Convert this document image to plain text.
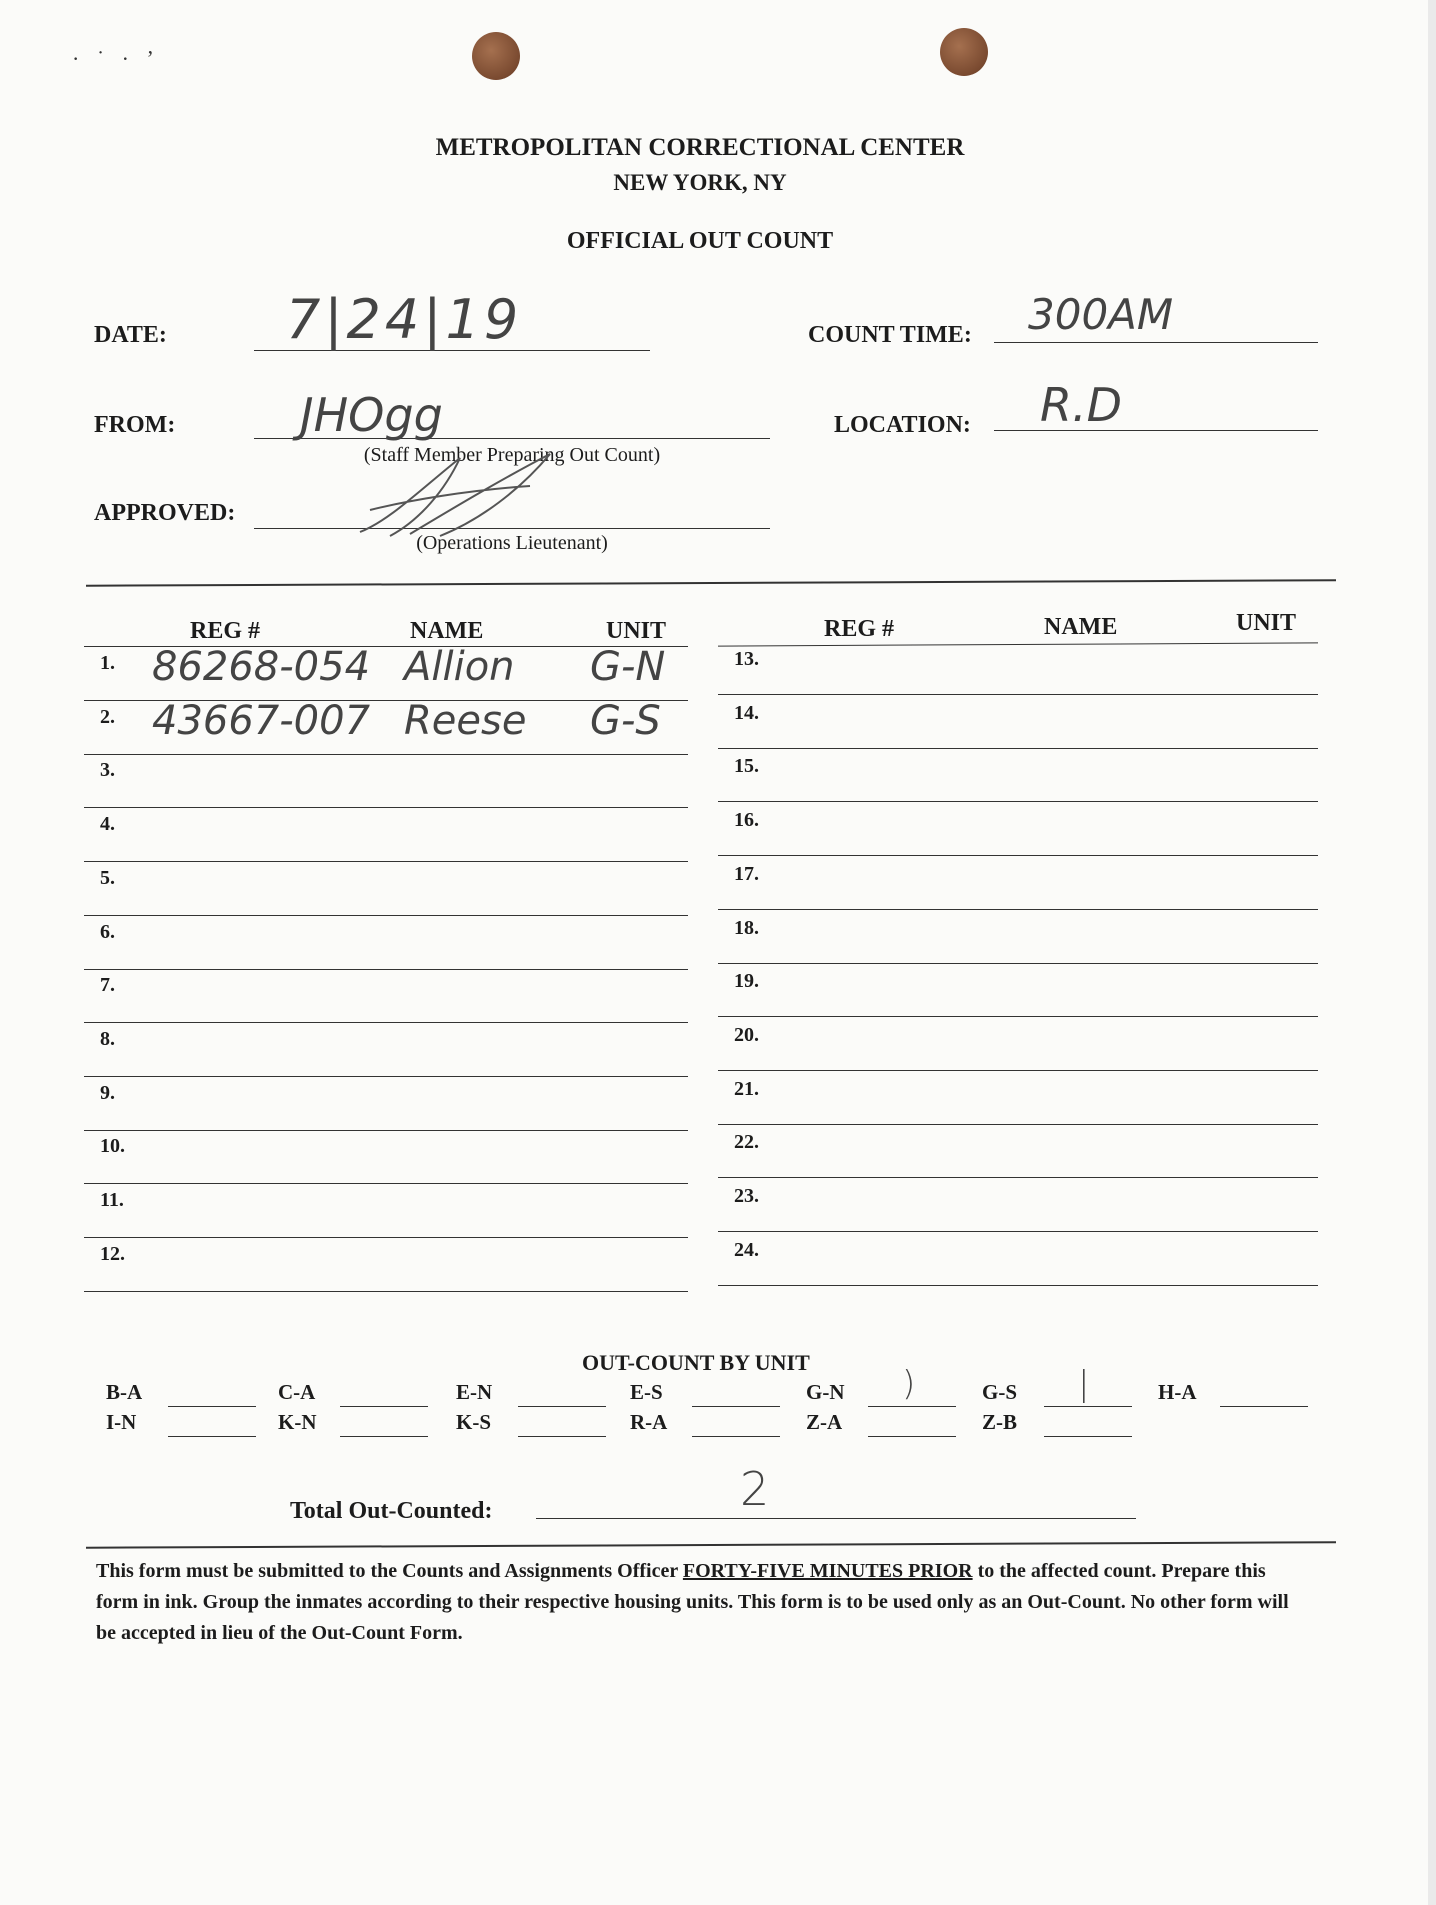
· ˙ · ʼ
METROPOLITAN CORRECTIONAL CENTER
NEW YORK, NY
OFFICIAL OUT COUNT
DATE: 7|24|19	COUNT TIME: 300AM
FROM:	JHOgg
(Staff Member Preparing Out Count)
LOCATION: R.D
APPROVED:
(Operations Lieutenant)
REG #	NAME	UNIT	REG #	NAME	UNIT
1. 86268-054 Allion G-N
2. 43667-007 Reese G-S
3.
4.
5.
6.
7.
8.
9.
10.
11.
12.
13.
14.
15.
16.
17.
18.
19.
20.
21.
22.
23.
24.
OUT-COUNT BY UNIT
B-A	C-A	E-N	E-S	G-N )	G-S |	H-A
I-N	K-N	K-S	R-A	Z-A	Z-B
Total Out-Counted:	2
This form must be submitted to the Counts and Assignments Officer FORTY-FIVE MINUTES PRIOR to the affected count. Prepare this form in ink. Group the inmates according to their respective housing units. This form is to be used only as an Out-Count. No other form will be accepted in lieu of the Out-Count Form.
